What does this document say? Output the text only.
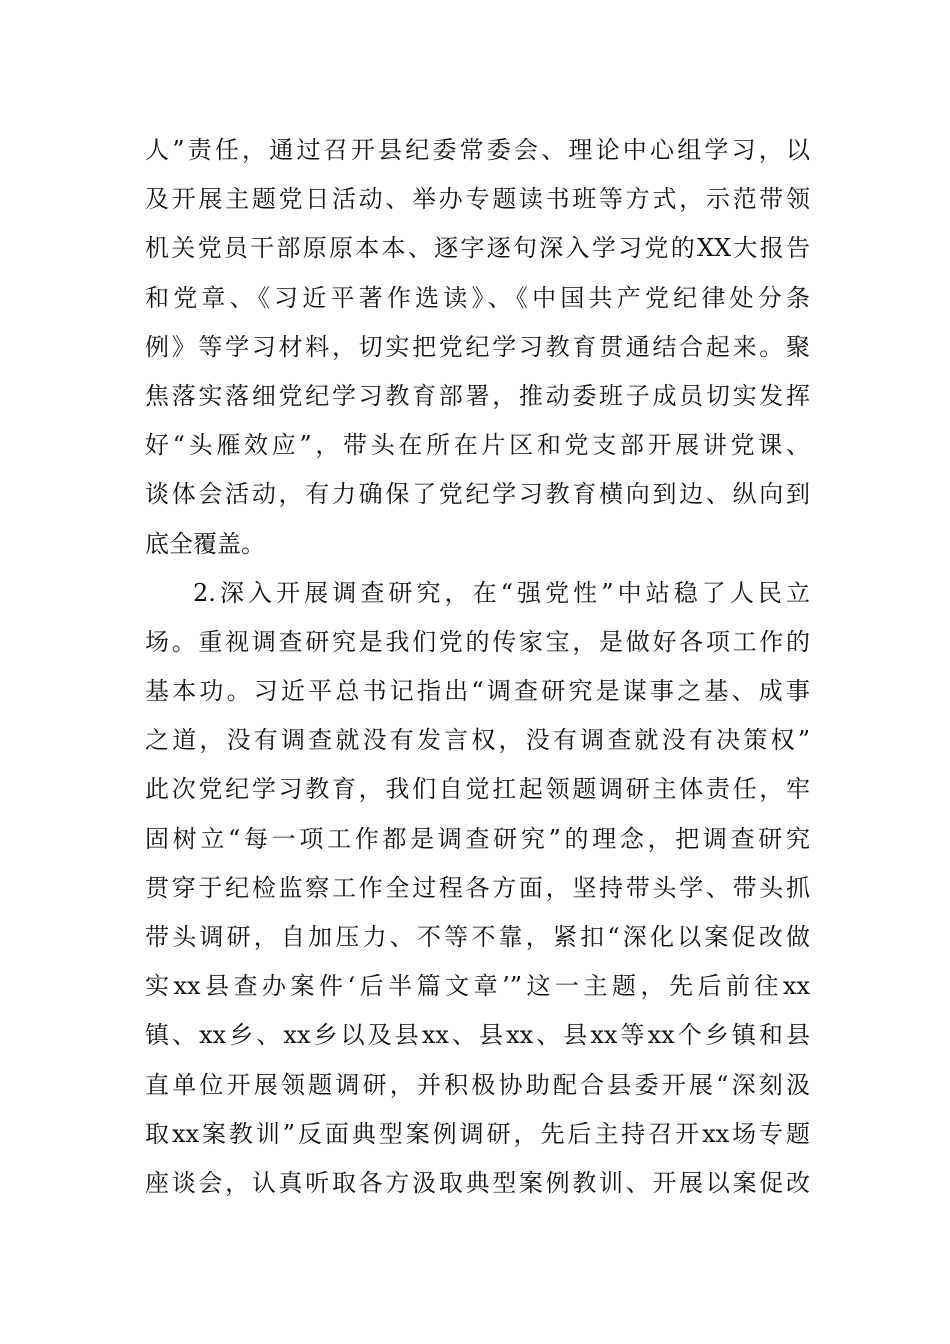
人”责任，通过召开县纪委常委会、理论中心组学习，以
及开展主题党日活动、举办专题读书班等方式，示范带领
机关党员干部原原本本、逐字逐句深入学习党的XX大报告
和党章、《习近平著作选读》、《中国共产党纪律处分条
例》等学习材料，切实把党纪学习教育贯通结合起来。聚
焦落实落细党纪学习教育部署，推动委班子成员切实发挥
好“头雁效应”，带头在所在片区和党支部开展讲党课、
谈体会活动，有力确保了党纪学习教育横向到边、纵向到
底全覆盖。
2.深入开展调查研究，在“强党性”中站稳了人民立
场。重视调查研究是我们党的传家宝，是做好各项工作的
基本功。习近平总书记指出“调查研究是谋事之基、成事
之道，没有调查就没有发言权，没有调查就没有决策权”
此次党纪学习教育，我们自觉扛起领题调研主体责任，牢
固树立“每一项工作都是调查研究”的理念，把调查研究
贯穿于纪检监察工作全过程各方面，坚持带头学、带头抓
带头调研，自加压力、不等不靠，紧扣“深化以案促改做
实xx县查办案件‘后半篇文章’”这一主题，先后前往xx
镇、xx乡、xx乡以及县xx、县xx、县xx等xx个乡镇和县
直单位开展领题调研，并积极协助配合县委开展“深刻汲
取xx案教训”反面典型案例调研，先后主持召开xx场专题
座谈会，认真听取各方汲取典型案例教训、开展以案促改
